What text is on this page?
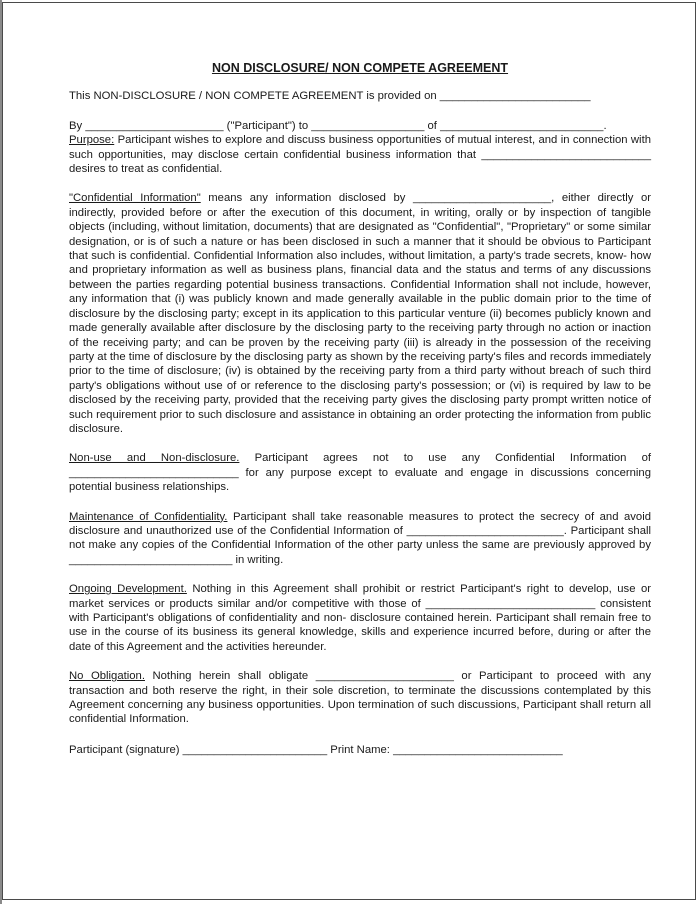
NON DISCLOSURE/ NON COMPETE AGREEMENT

This NON-DISCLOSURE / NON COMPETE AGREEMENT is provided on ________________________

By ______________________ ("Participant") to __________________ of __________________________.

Purpose: Participant wishes to explore and discuss business opportunities of mutual interest, and in connection with such opportunities, may disclose certain confidential business information that ___________________________ desires to treat as confidential.

"Confidential Information" means any information disclosed by ______________________, either directly or indirectly, provided before or after the execution of this document, in writing, orally or by inspection of tangible objects (including, without limitation, documents) that are designated as "Confidential", "Proprietary" or some similar designation, or is of such a nature or has been disclosed in such a manner that it should be obvious to Participant that such is confidential. Confidential Information also includes, without limitation, a party's trade secrets, know- how and proprietary information as well as business plans, financial data and the status and terms of any discussions between the parties regarding potential business transactions. Confidential Information shall not include, however, any information that (i) was publicly known and made generally available in the public domain prior to the time of disclosure by the disclosing party; except in its application to this particular venture (ii) becomes publicly known and made generally available after disclosure by the disclosing party to the receiving party through no action or inaction of the receiving party; and can be proven by the receiving party (iii) is already in the possession of the receiving party at the time of disclosure by the disclosing party as shown by the receiving party's files and records immediately prior to the time of disclosure; (iv) is obtained by the receiving party from a third party without breach of such third party's obligations without use of or reference to the disclosing party's possession; or (vi) is required by law to be disclosed by the receiving party, provided that the receiving party gives the disclosing party prompt written notice of such requirement prior to such disclosure and assistance in obtaining an order protecting the information from public disclosure.

Non-use and Non-disclosure. Participant agrees not to use any Confidential Information of ___________________________ for any purpose except to evaluate and engage in discussions concerning potential business relationships.

Maintenance of Confidentiality. Participant shall take reasonable measures to protect the secrecy of and avoid disclosure and unauthorized use of the Confidential Information of _________________________. Participant shall not make any copies of the Confidential Information of the other party unless the same are previously approved by __________________________ in writing.

Ongoing Development. Nothing in this Agreement shall prohibit or restrict Participant's right to develop, use or market services or products similar and/or competitive with those of ___________________________ consistent with Participant's obligations of confidentiality and non- disclosure contained herein. Participant shall remain free to use in the course of its business its general knowledge, skills and experience incurred before, during or after the date of this Agreement and the activities hereunder.

No Obligation. Nothing herein shall obligate ______________________ or Participant to proceed with any transaction and both reserve the right, in their sole discretion, to terminate the discussions contemplated by this Agreement concerning any business opportunities. Upon termination of such discussions, Participant shall return all confidential Information.

Participant (signature) _______________________ Print Name: ___________________________
